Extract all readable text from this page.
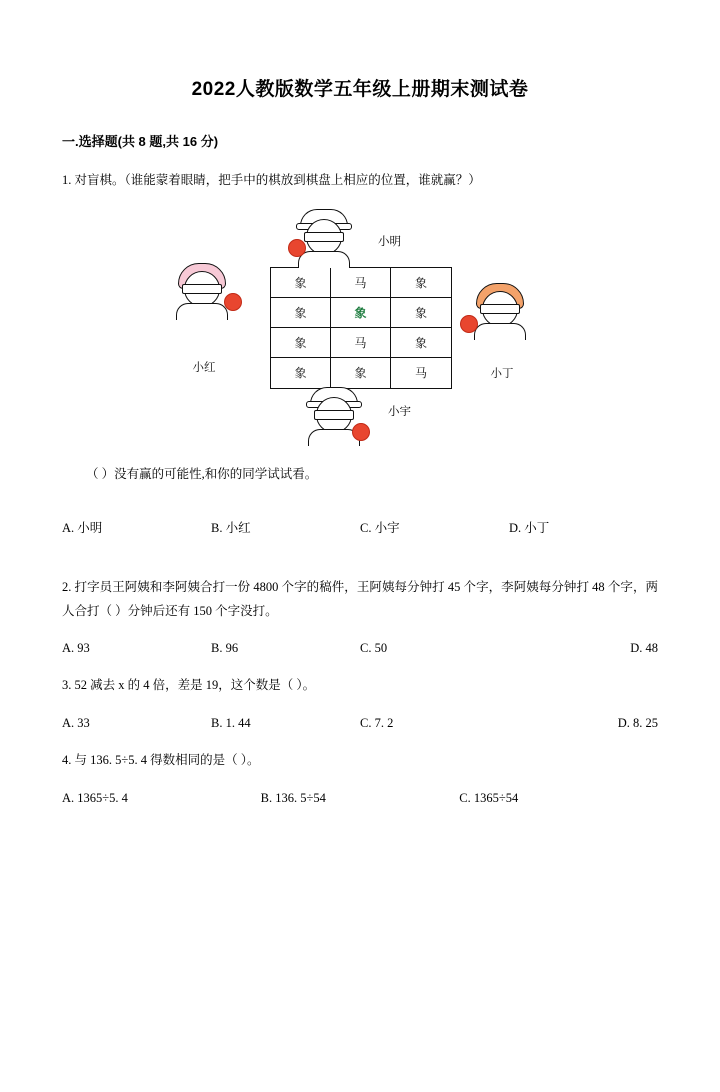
2022人教版数学五年级上册期末测试卷
一.选择题(共 8 题,共 16 分)
1. 对盲棋。（谁能蒙着眼睛，把手中的棋放到棋盘上相应的位置，谁就赢？）
象	马	象
象	象	象
象	马	象
象	象	马
小明
小红	小丁
小宇
（ ）没有赢的可能性,和你的同学试试看。
A. 小明	B. 小红	C. 小宇	D. 小丁
2. 打字员王阿姨和李阿姨合打一份 4800 个字的稿件，王阿姨每分钟打 45 个字，李阿姨每分钟打 48 个字，两人合打（ ）分钟后还有 150 个字没打。
A. 93	B. 96	C. 50	D. 48
3. 52 减去 x 的 4 倍，差是 19，这个数是（ ）。
A. 33	B. 1. 44	C. 7. 2	D. 8. 25
4. 与 136. 5÷5. 4 得数相同的是（ ）。
A. 1365÷5. 4	B. 136. 5÷54	C. 1365÷54
